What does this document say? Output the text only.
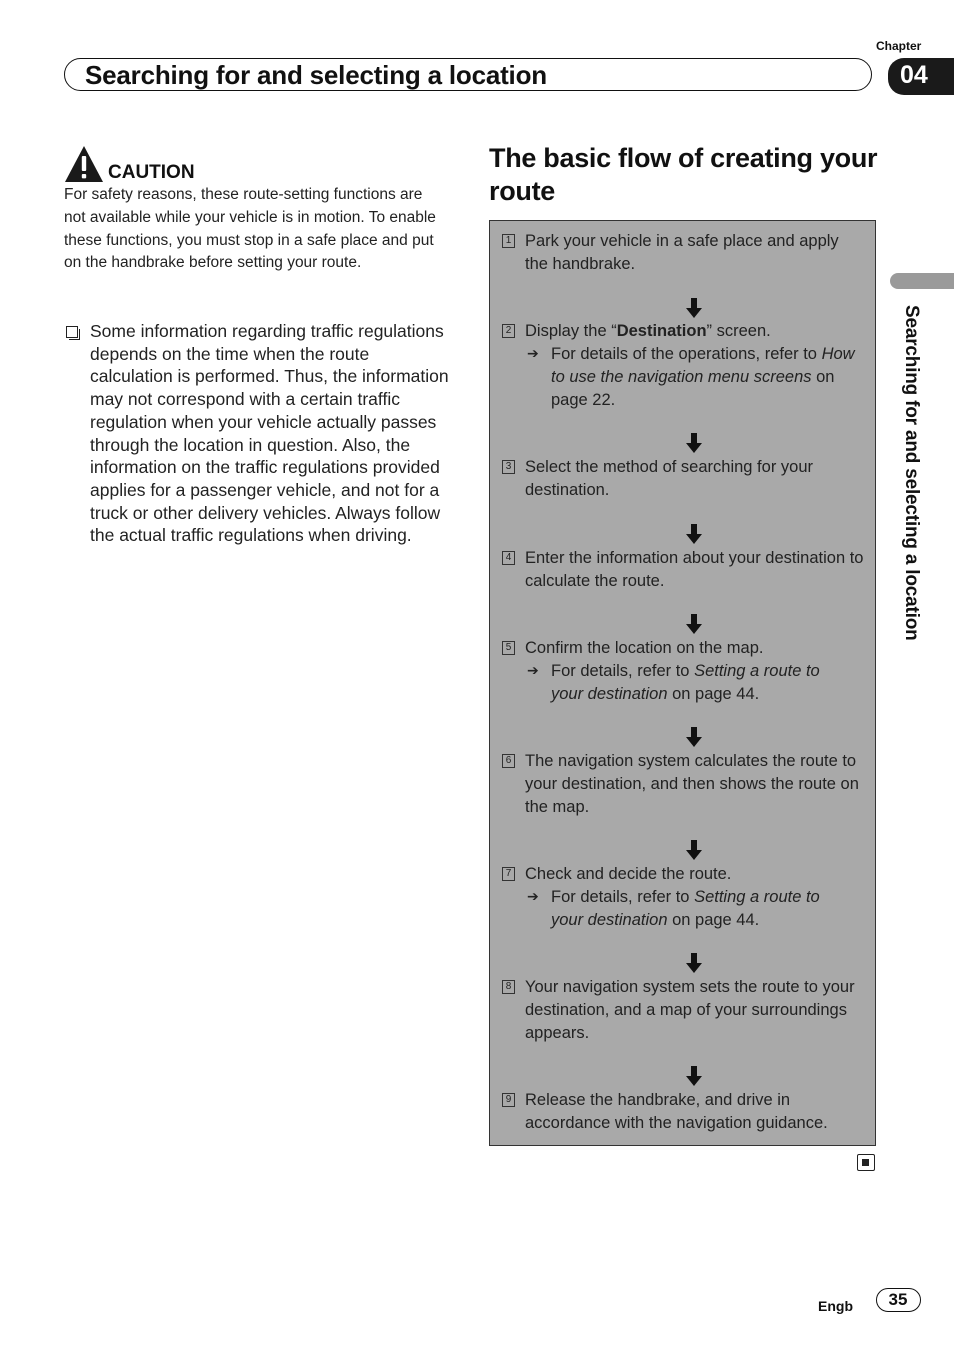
Chapter
Searching for and selecting a location	04
Searching for and selecting a location
CAUTION
For safety reasons, these route-setting functions are not available while your vehicle is in motion. To enable these functions, you must stop in a safe place and put on the handbrake before setting your route.
Some information regarding traffic regulations depends on the time when the route calculation is performed. Thus, the information may not correspond with a certain traffic regulation when your vehicle actually passes through the location in question. Also, the information on the traffic regulations provided applies for a passenger vehicle, and not for a truck or other delivery vehicles. Always follow the actual traffic regulations when driving.
The basic flow of creating your route
1 Park your vehicle in a safe place and apply the handbrake.
2 Display the “Destination” screen.
➔ For details of the operations, refer to How to use the navigation menu screens on page 22.
3 Select the method of searching for your destination.
4 Enter the information about your destination to calculate the route.
5 Confirm the location on the map.
➔ For details, refer to Setting a route to your destination on page 44.
6 The navigation system calculates the route to your destination, and then shows the route on the map.
7 Check and decide the route.
➔ For details, refer to Setting a route to your destination on page 44.
8 Your navigation system sets the route to your destination, and a map of your surroundings appears.
9 Release the handbrake, and drive in accordance with the navigation guidance.
Engb	35
